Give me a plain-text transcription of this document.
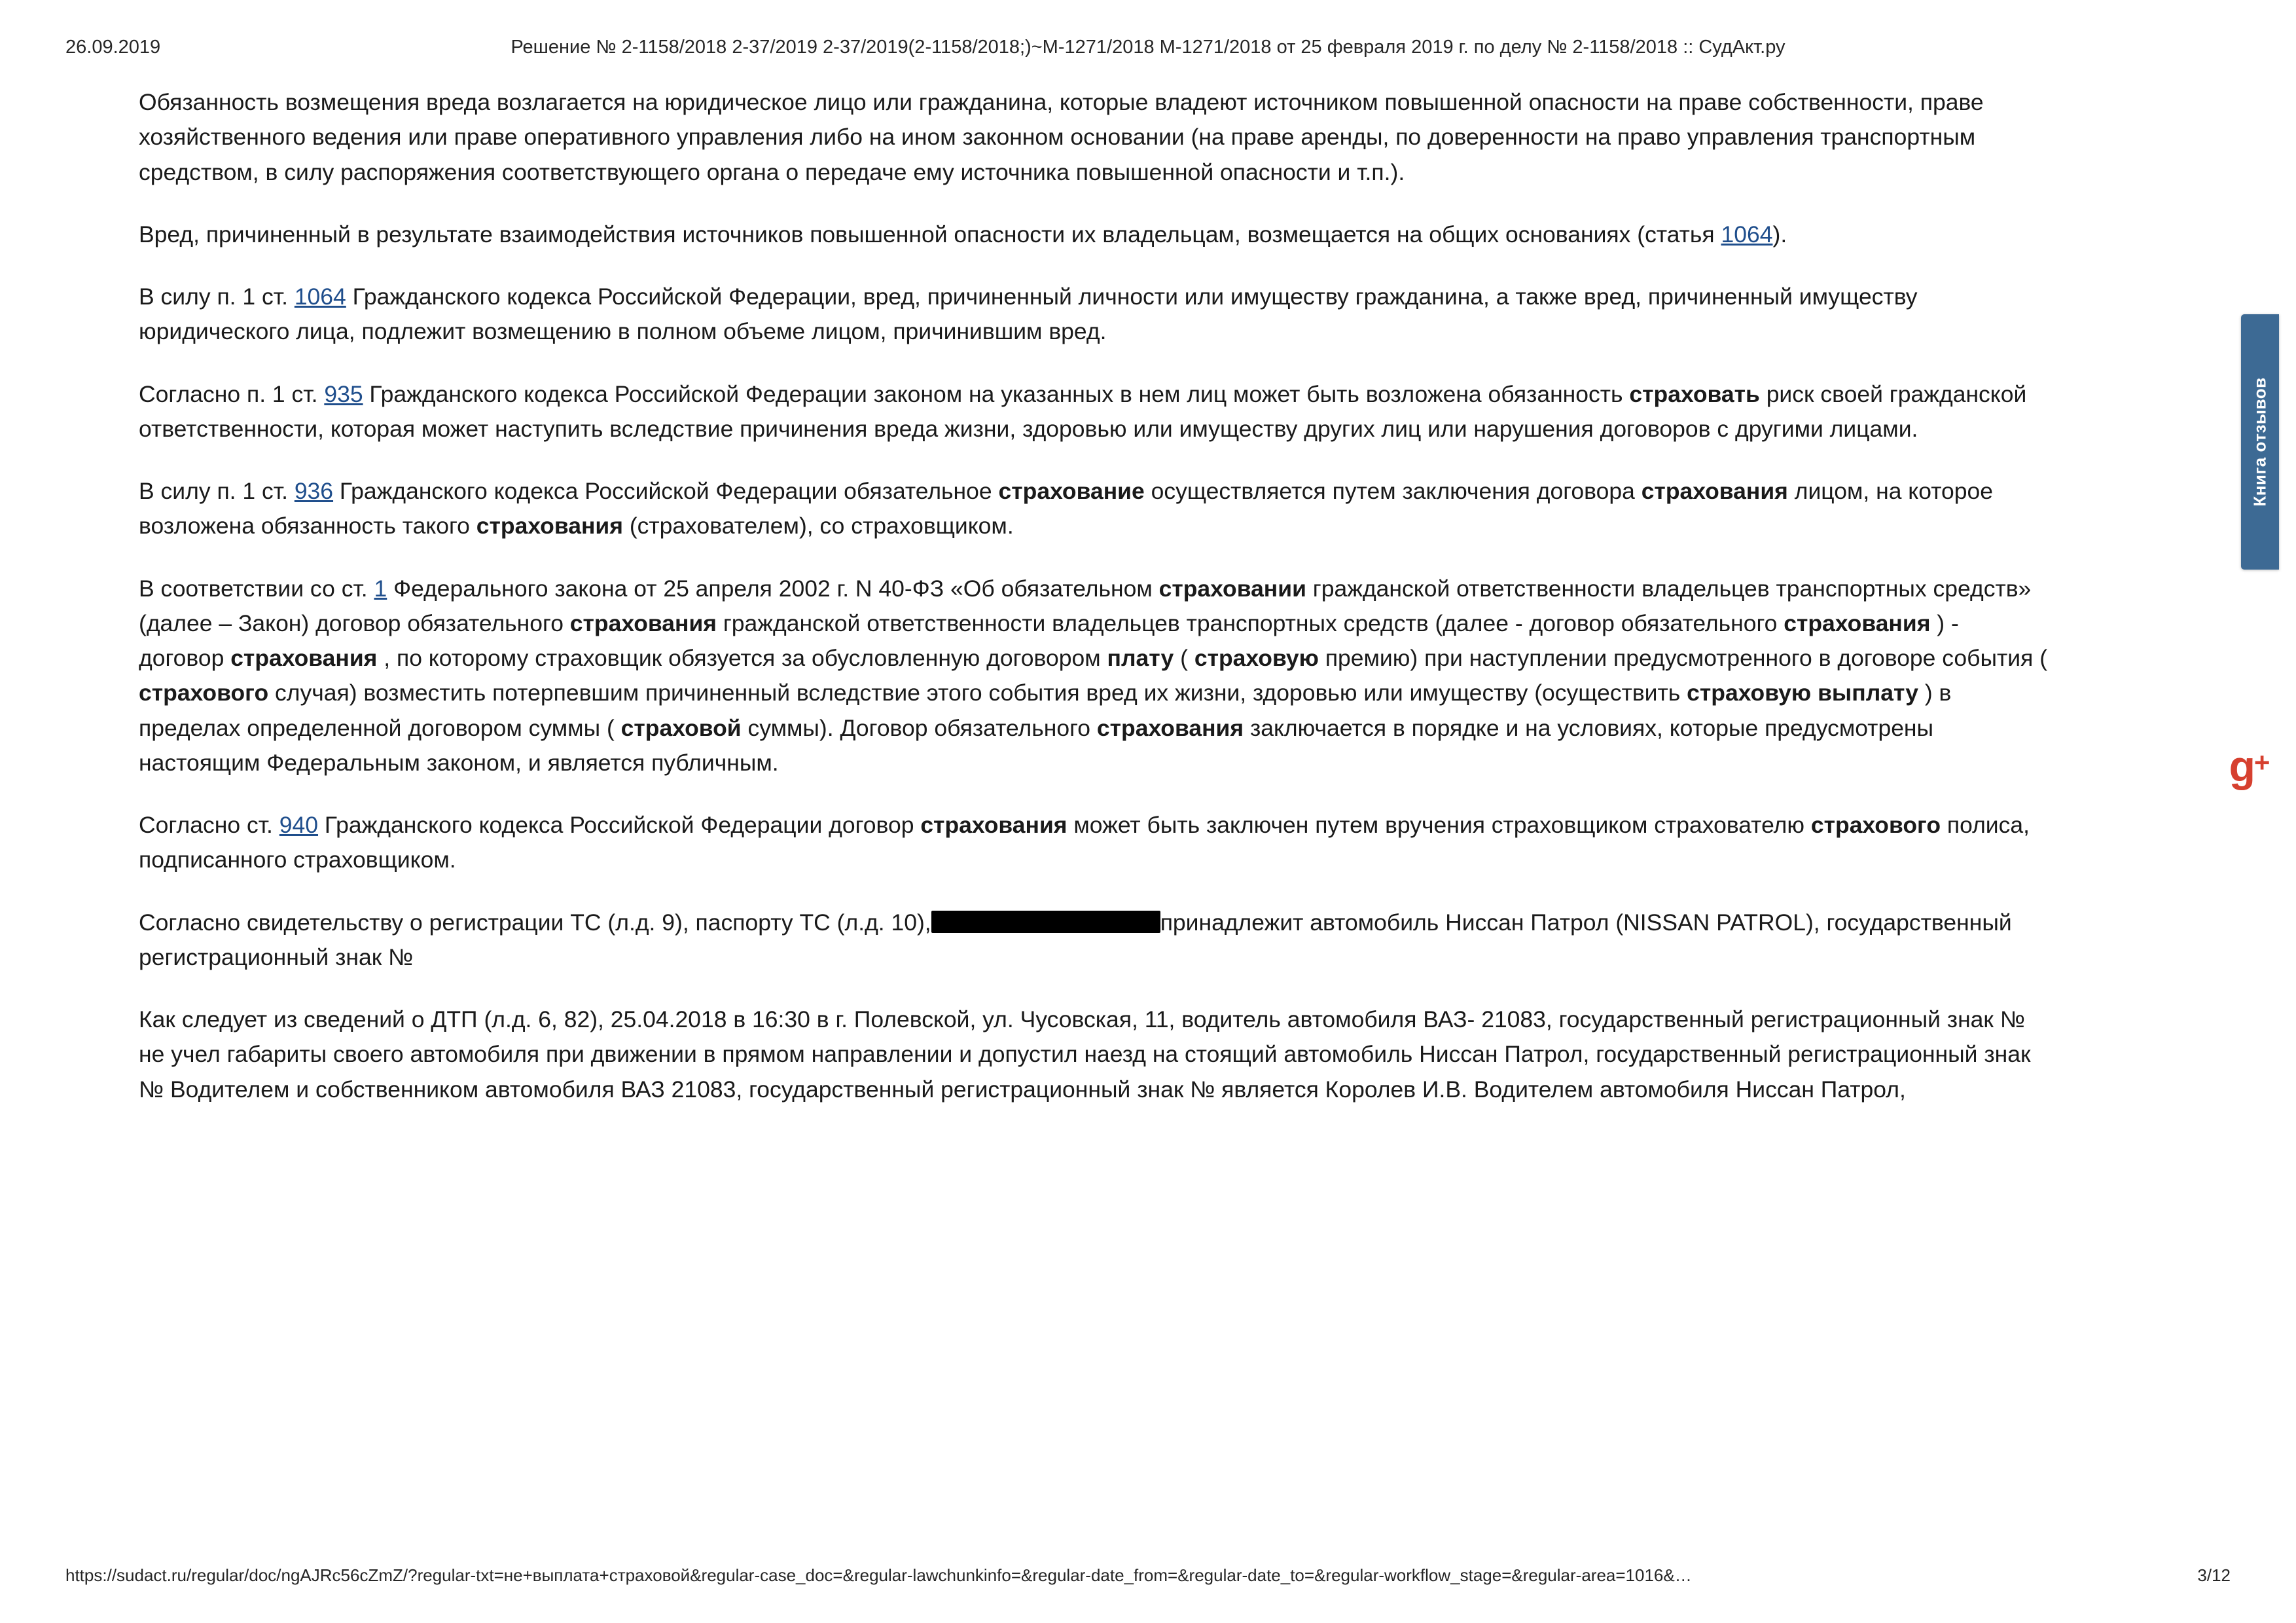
26.09.2019	Решение № 2-1158/2018 2-37/2019 2-37/2019(2-1158/2018;)~М-1271/2018 М-1271/2018 от 25 февраля 2019 г. по делу № 2-1158/2018 :: СудАкт.ру
Обязанность возмещения вреда возлагается на юридическое лицо или гражданина, которые владеют источником повышенной опасности на праве собственности, праве хозяйственного ведения или праве оперативного управления либо на ином законном основании (на праве аренды, по доверенности на право управления транспортным средством, в силу распоряжения соответствующего органа о передаче ему источника повышенной опасности и т.п.).
Вред, причиненный в результате взаимодействия источников повышенной опасности их владельцам, возмещается на общих основаниях (статья 1064).
В силу п. 1 ст. 1064 Гражданского кодекса Российской Федерации, вред, причиненный личности или имуществу гражданина, а также вред, причиненный имуществу юридического лица, подлежит возмещению в полном объеме лицом, причинившим вред.
Согласно п. 1 ст. 935 Гражданского кодекса Российской Федерации законом на указанных в нем лиц может быть возложена обязанность страховать риск своей гражданской ответственности, которая может наступить вследствие причинения вреда жизни, здоровью или имуществу других лиц или нарушения договоров с другими лицами.
В силу п. 1 ст. 936 Гражданского кодекса Российской Федерации обязательное страхование осуществляется путем заключения договора страхования лицом, на которое возложена обязанность такого страхования (страхователем), со страховщиком.
В соответствии со ст. 1 Федерального закона от 25 апреля 2002 г. N 40-ФЗ «Об обязательном страховании гражданской ответственности владельцев транспортных средств» (далее – Закон) договор обязательного страхования гражданской ответственности владельцев транспортных средств (далее - договор обязательного страхования ) - договор страхования , по которому страховщик обязуется за обусловленную договором плату ( страховую премию) при наступлении предусмотренного в договоре события ( страхового случая) возместить потерпевшим причиненный вследствие этого события вред их жизни, здоровью или имуществу (осуществить страховую выплату ) в пределах определенной договором суммы ( страховой суммы). Договор обязательного страхования заключается в порядке и на условиях, которые предусмотрены настоящим Федеральным законом, и является публичным.
Согласно ст. 940 Гражданского кодекса Российской Федерации договор страхования может быть заключен путем вручения страховщиком страхователю страхового полиса, подписанного страховщиком.
Согласно свидетельству о регистрации ТС (л.д. 9), паспорту ТС (л.д. 10),	принадлежит автомобиль Ниссан Патрол (NISSAN PATROL), государственный регистрационный знак №
Как следует из сведений о ДТП (л.д. 6, 82), 25.04.2018 в 16:30 в г. Полевской, ул. Чусовская, 11, водитель автомобиля ВАЗ- 21083, государственный регистрационный знак № не учел габариты своего автомобиля при движении в прямом направлении и допустил наезд на стоящий автомобиль Ниссан Патрол, государственный регистрационный знак № Водителем и собственником автомобиля ВАЗ 21083, государственный регистрационный знак № является Королев И.В. Водителем автомобиля Ниссан Патрол,
Книга отзывов
g+
https://sudact.ru/regular/doc/ngAJRc56cZmZ/?regular-txt=не+выплата+страховой&regular-case_doc=&regular-lawchunkinfo=&regular-date_from=&regular-date_to=&regular-workflow_stage=&regular-area=1016&…	3/12
